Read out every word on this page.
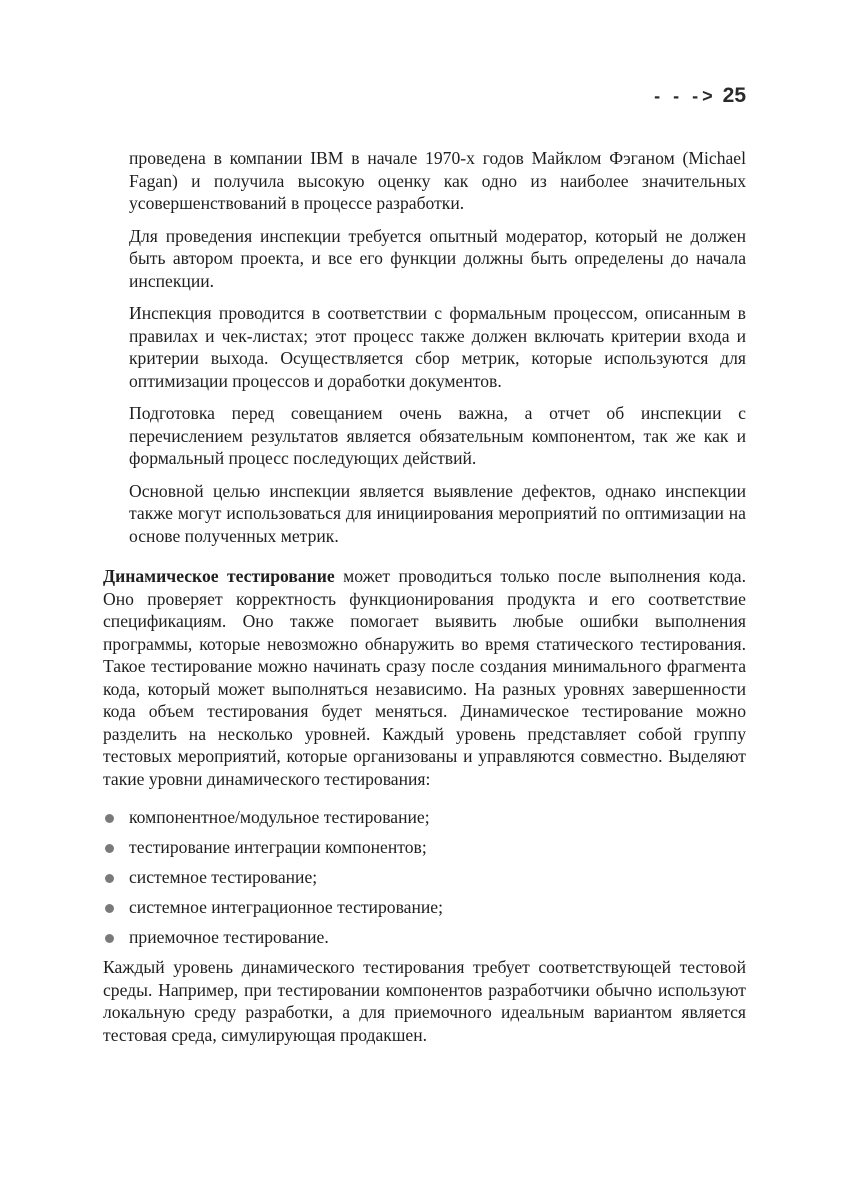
- - -> 25

проведена в компании IBM в начале 1970-х годов Майклом Фэганом (Michael Fagan) и получила высокую оценку как одно из наиболее значительных усовершенствований в процессе разработки.

Для проведения инспекции требуется опытный модератор, который не должен быть автором проекта, и все его функции должны быть определены до начала инспекции.

Инспекция проводится в соответствии с формальным процессом, описанным в правилах и чек-листах; этот процесс также должен включать критерии входа и критерии выхода. Осуществляется сбор метрик, которые используются для оптимизации процессов и доработки документов.

Подготовка перед совещанием очень важна, а отчет об инспекции с перечислением результатов является обязательным компонентом, так же как и формальный процесс последующих действий.

Основной целью инспекции является выявление дефектов, однако инспекции также могут использоваться для инициирования мероприятий по оптимизации на основе полученных метрик.

Динамическое тестирование может проводиться только после выполнения кода. Оно проверяет корректность функционирования продукта и его соответствие спецификациям. Оно также помогает выявить любые ошибки выполнения программы, которые невозможно обнаружить во время статического тестирования. Такое тестирование можно начинать сразу после создания минимального фрагмента кода, который может выполняться независимо. На разных уровнях завершенности кода объем тестирования будет меняться. Динамическое тестирование можно разделить на несколько уровней. Каждый уровень представляет собой группу тестовых мероприятий, которые организованы и управляются совместно. Выделяют такие уровни динамического тестирования:

компонентное/модульное тестирование;
тестирование интеграции компонентов;
системное тестирование;
системное интеграционное тестирование;
приемочное тестирование.

Каждый уровень динамического тестирования требует соответствующей тестовой среды. Например, при тестировании компонентов разработчики обычно используют локальную среду разработки, а для приемочного идеальным вариантом является тестовая среда, симулирующая продакшен.
